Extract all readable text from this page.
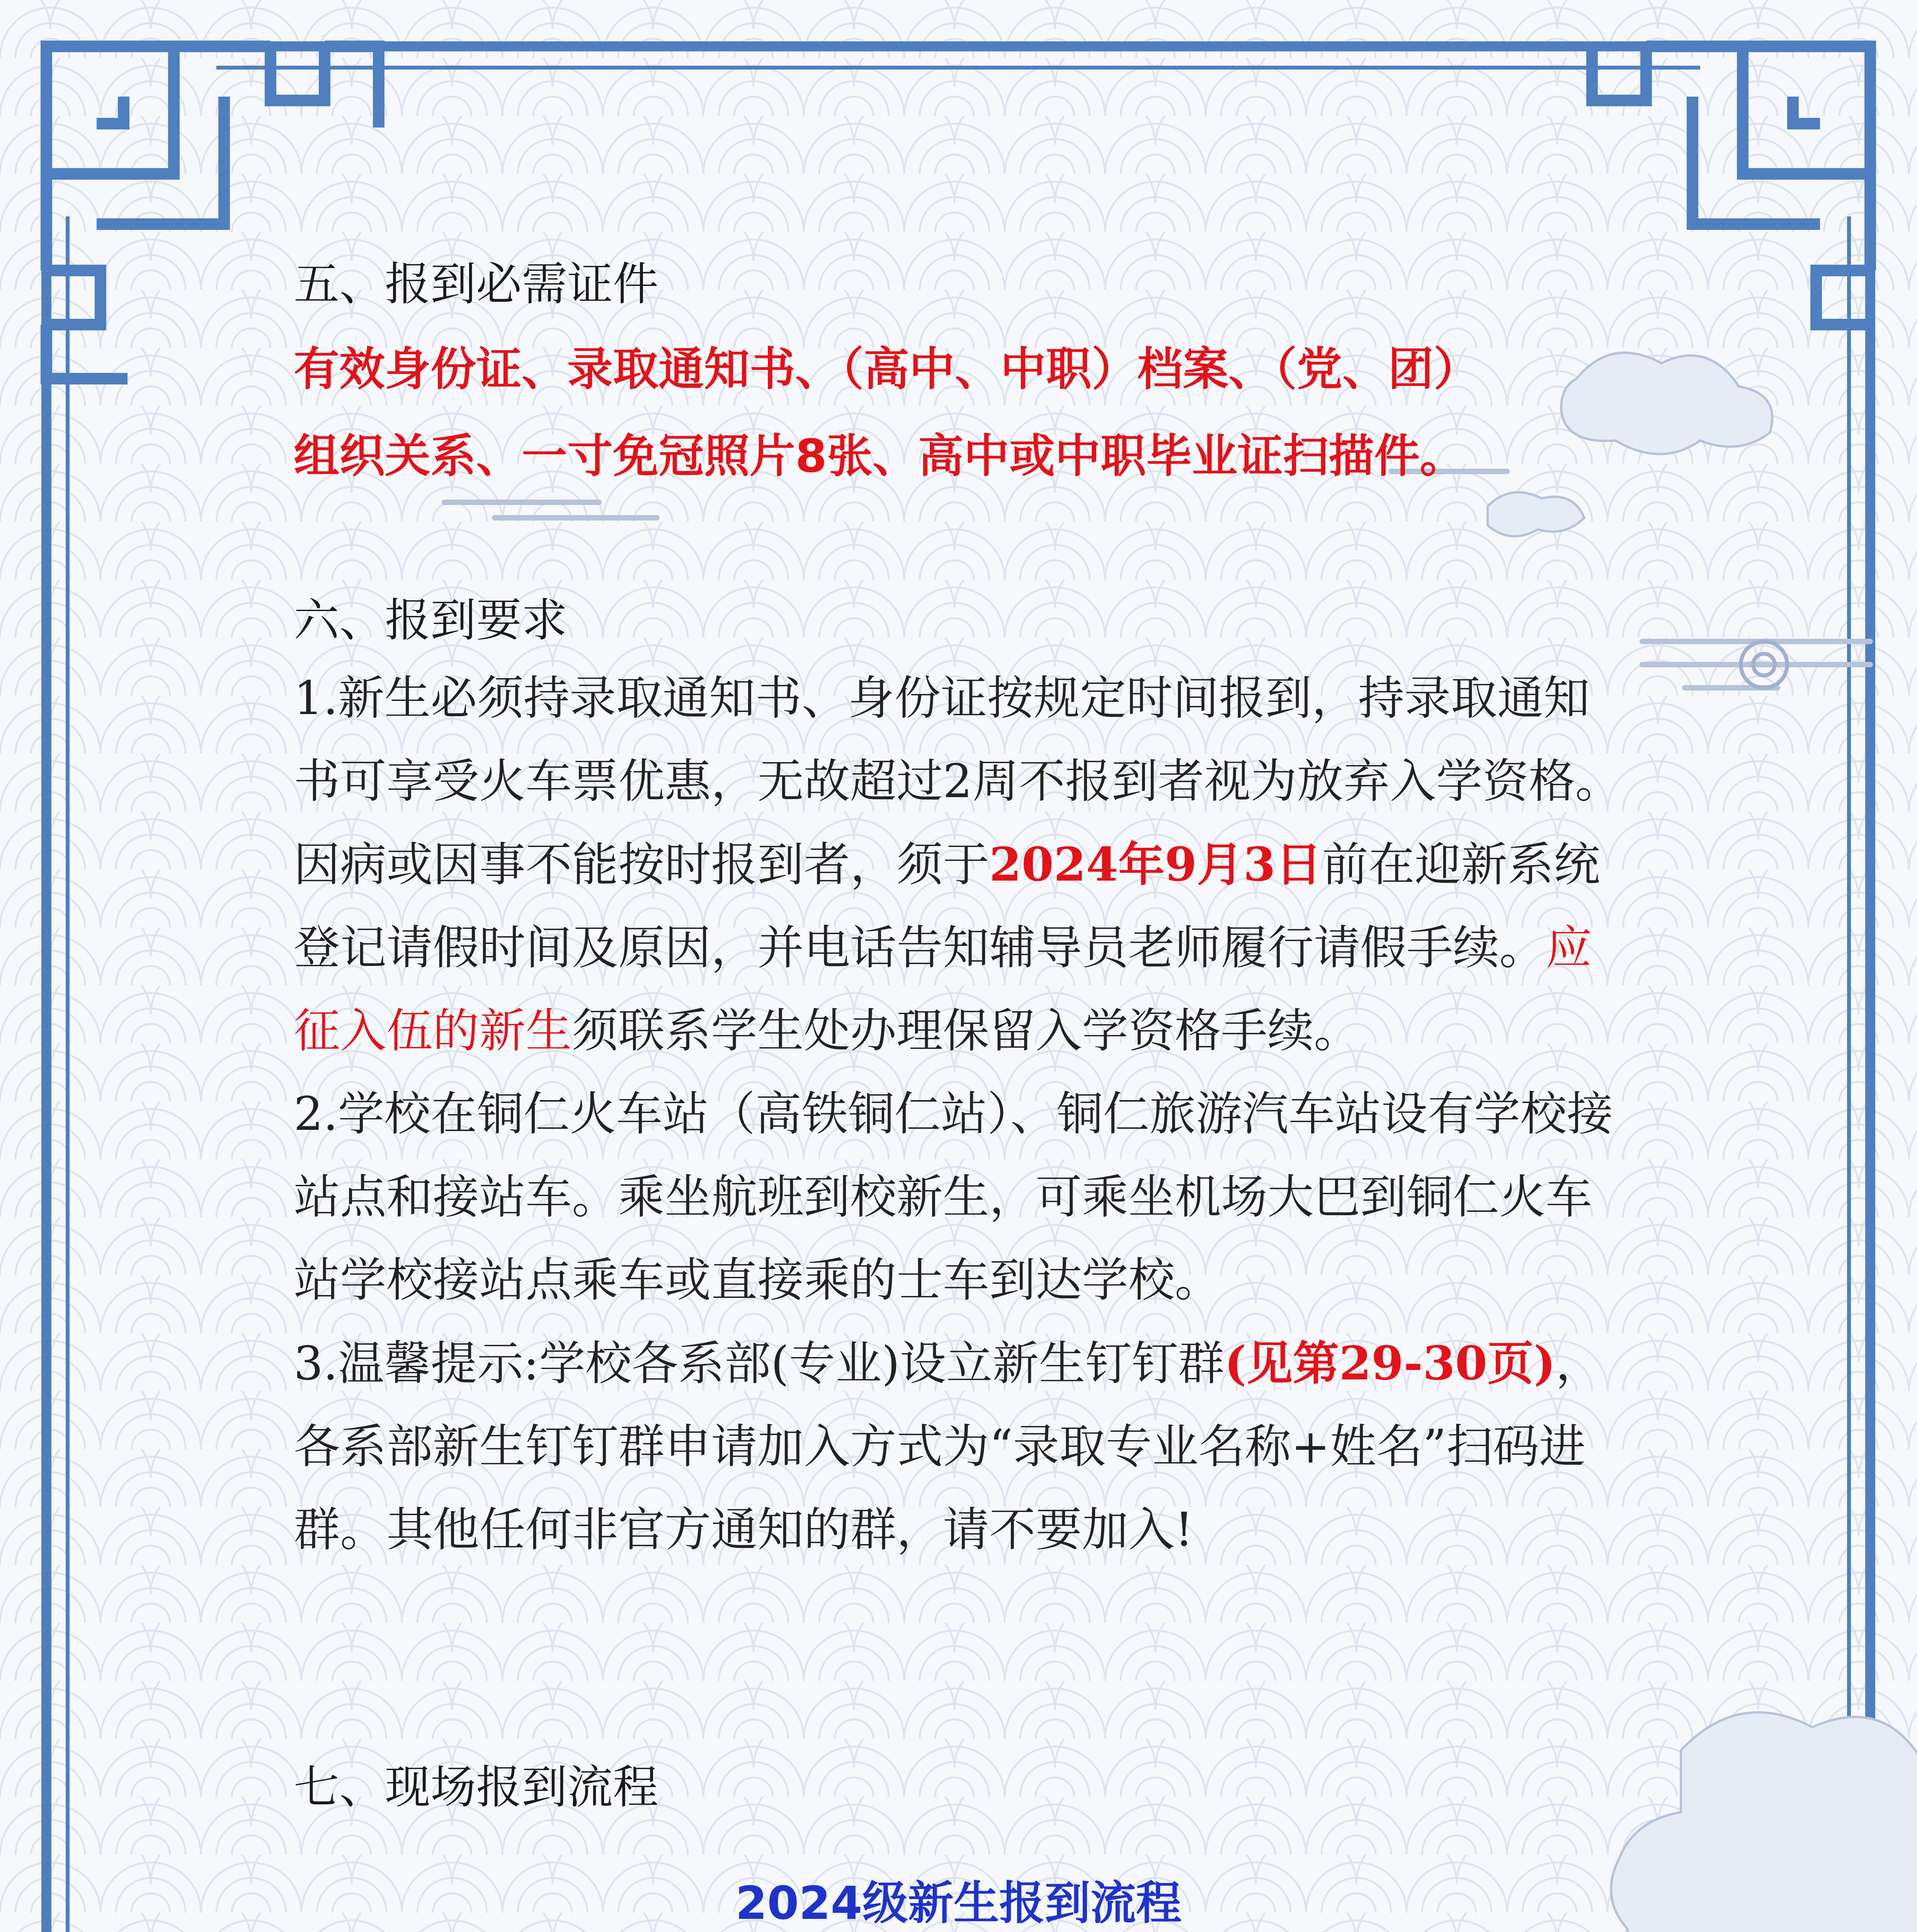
五、报到必需证件

有效身份证、录取通知书、（高中、中职）档案、（党、团）

组织关系、一寸免冠照片8张、高中或中职毕业证扫描件。

六、报到要求

1.新生必须持录取通知书、身份证按规定时间报到，持录取通知书可享受火车票优惠，无故超过2周不报到者视为放弃入学资格。因病或因事不能按时报到者，须于2024年9月3日前在迎新系统登记请假时间及原因，并电话告知辅导员老师履行请假手续。应征入伍的新生须联系学生处办理保留入学资格手续。

2.学校在铜仁火车站（高铁铜仁站）、铜仁旅游汽车站设有学校接站点和接站车。乘坐航班到校新生，可乘坐机场大巴到铜仁火车站学校接站点乘车或直接乘的士车到达学校。

3.温馨提示:学校各系部(专业)设立新生钉钉群(见第29-30页)，各系部新生钉钉群申请加入方式为“录取专业名称+姓名”扫码进群。其他任何非官方通知的群，请不要加入!

七、现场报到流程
2024级新生报到流程
